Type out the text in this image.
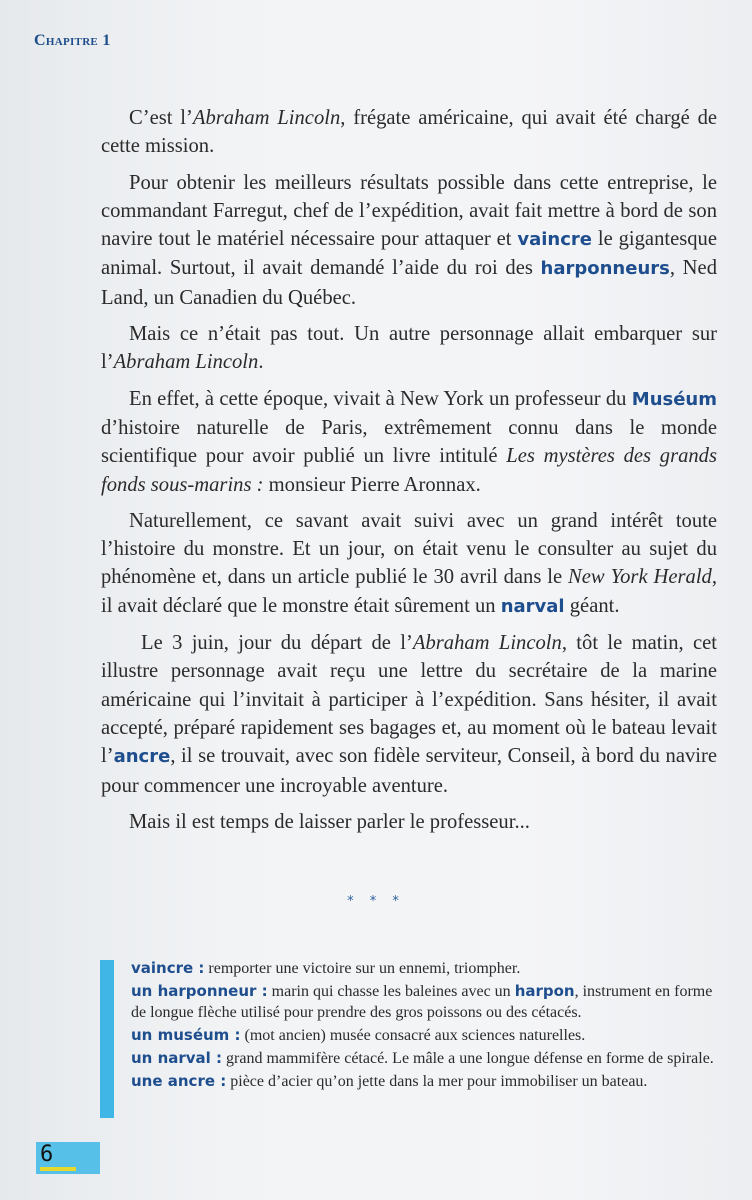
Chapitre 1

C’est l’Abraham Lincoln, frégate américaine, qui avait été chargé de cette mission.

Pour obtenir les meilleurs résultats possible dans cette entreprise, le commandant Farregut, chef de l’expédition, avait fait mettre à bord de son navire tout le matériel nécessaire pour attaquer et vaincre le gigantesque animal. Surtout, il avait demandé l’aide du roi des harponneurs, Ned Land, un Canadien du Québec.

Mais ce n’était pas tout. Un autre personnage allait embarquer sur l’Abraham Lincoln.

En effet, à cette époque, vivait à New York un professeur du Muséum d’histoire naturelle de Paris, extrêmement connu dans le monde scientifique pour avoir publié un livre intitulé Les mystères des grands fonds sous-marins : monsieur Pierre Aronnax.

Naturellement, ce savant avait suivi avec un grand intérêt toute l’histoire du monstre. Et un jour, on était venu le consulter au sujet du phénomène et, dans un article publié le 30 avril dans le New York Herald, il avait déclaré que le monstre était sûrement un narval géant.

Le 3 juin, jour du départ de l’Abraham Lincoln, tôt le matin, cet illustre personnage avait reçu une lettre du secrétaire de la marine américaine qui l’invitait à participer à l’expédition. Sans hésiter, il avait accepté, préparé rapidement ses bagages et, au moment où le bateau levait l’ancre, il se trouvait, avec son fidèle serviteur, Conseil, à bord du navire pour commencer une incroyable aventure.

Mais il est temps de laisser parler le professeur...

* * *
vaincre : remporter une victoire sur un ennemi, triompher.
un harponneur : marin qui chasse les baleines avec un harpon, instrument en forme de longue flèche utilisé pour prendre des gros poissons ou des cétacés.
un muséum : (mot ancien) musée consacré aux sciences naturelles.
un narval : grand mammifère cétacé. Le mâle a une longue défense en forme de spirale.
une ancre : pièce d’acier qu’on jette dans la mer pour immobiliser un bateau.
6
